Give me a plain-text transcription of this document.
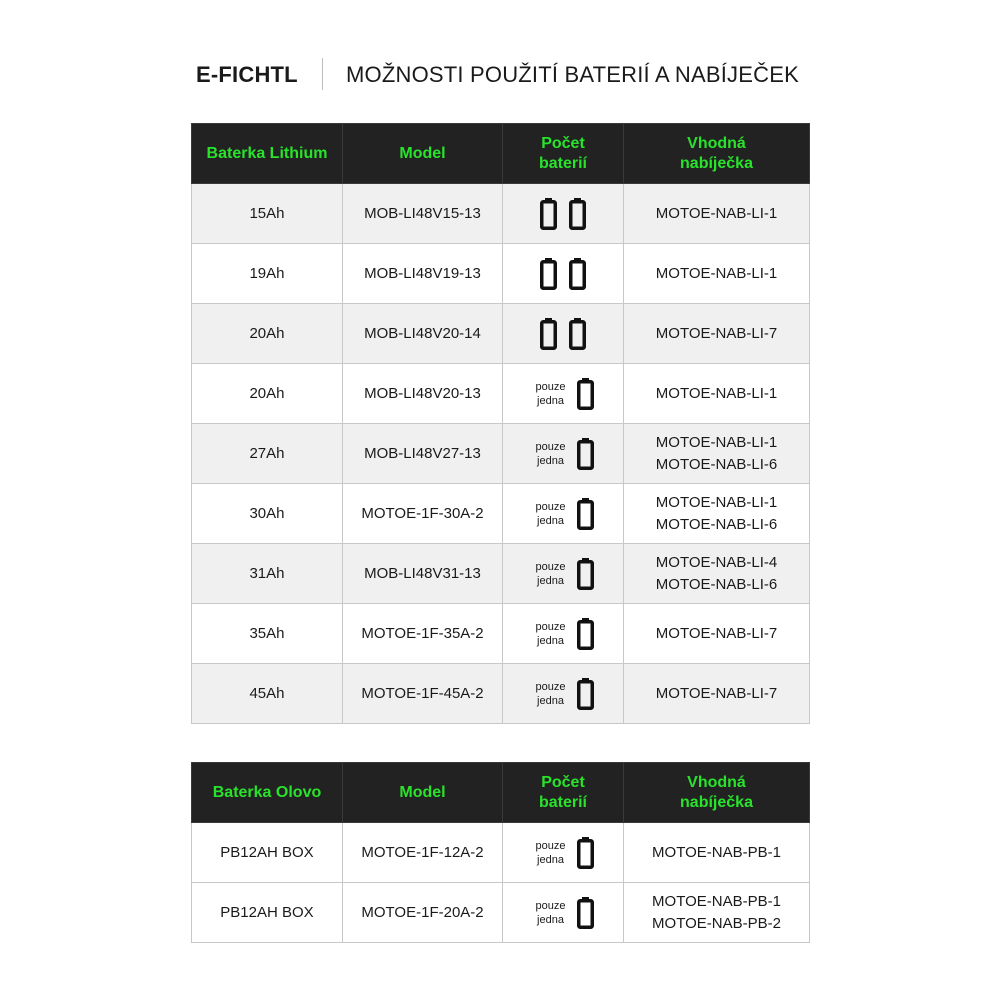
E-FICHTL MOŽNOSTI POUŽITÍ BATERIÍ A NABÍJEČEK
Baterka Lithium	Model	Počet
baterií	Vhodná
nabíječka
15Ah	MOB-LI48V15-13		MOTOE-NAB-LI-1

19Ah	MOB-LI48V19-13		MOTOE-NAB-LI-1

20Ah	MOB-LI48V20-14		MOTOE-NAB-LI-7

20Ah	MOB-LI48V20-13	pouze
jedna	MOTOE-NAB-LI-1

27Ah	MOB-LI48V27-13	pouze
jedna	MOTOE-NAB-LI-1
MOTOE-NAB-LI-6

30Ah	MOTOE-1F-30A-2	pouze
jedna	MOTOE-NAB-LI-1
MOTOE-NAB-LI-6

31Ah	MOB-LI48V31-13	pouze
jedna	MOTOE-NAB-LI-4
MOTOE-NAB-LI-6

35Ah	MOTOE-1F-35A-2	pouze
jedna	MOTOE-NAB-LI-7

45Ah	MOTOE-1F-45A-2	pouze
jedna	MOTOE-NAB-LI-7
Baterka Olovo	Model	Počet
baterií	Vhodná
nabíječka
PB12AH BOX	MOTOE-1F-12A-2	pouze
jedna	MOTOE-NAB-PB-1

PB12AH BOX	MOTOE-1F-20A-2	pouze
jedna	MOTOE-NAB-PB-1
MOTOE-NAB-PB-2
